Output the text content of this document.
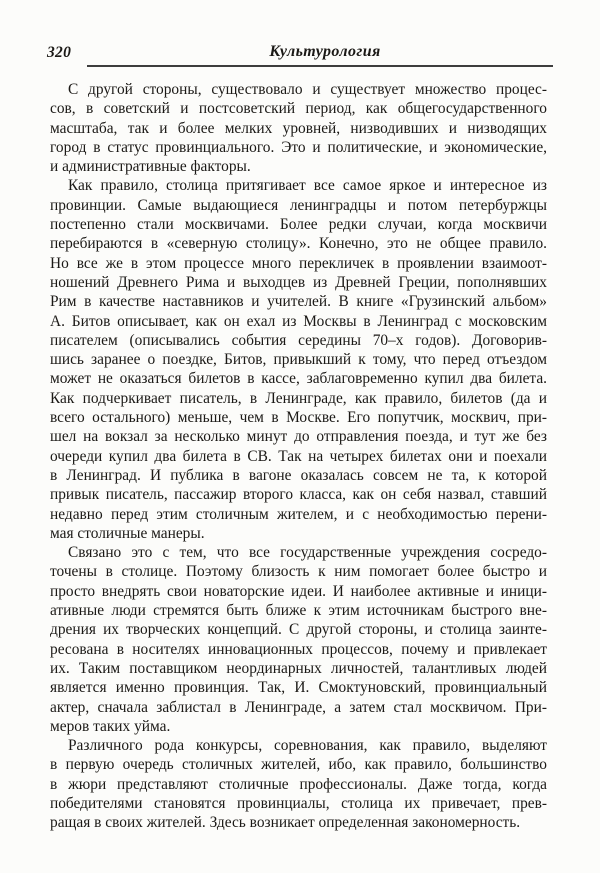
320	Культурология
С другой стороны, существовало и существует множество процес-
сов, в советский и постсоветский период, как общегосударственного
масштаба, так и более мелких уровней, низводивших и низводящих
город в статус провинциального. Это и политические, и экономические,
и административные факторы.
Как правило, столица притягивает все самое яркое и интересное из
провинции. Самые выдающиеся ленинградцы и потом петербуржцы
постепенно стали москвичами. Более редки случаи, когда москвичи
перебираются в «северную столицу». Конечно, это не общее правило.
Но все же в этом процессе много перекличек в проявлении взаимоот-
ношений Древнего Рима и выходцев из Древней Греции, пополнявших
Рим в качестве наставников и учителей. В книге «Грузинский альбом»
А. Битов описывает, как он ехал из Москвы в Ленинград с московским
писателем (описывались события середины 70–х годов). Договорив-
шись заранее о поездке, Битов, привыкший к тому, что перед отъездом
может не оказаться билетов в кассе, заблаговременно купил два билета.
Как подчеркивает писатель, в Ленинграде, как правило, билетов (да и
всего остального) меньше, чем в Москве. Его попутчик, москвич, при-
шел на вокзал за несколько минут до отправления поезда, и тут же без
очереди купил два билета в СВ. Так на четырех билетах они и поехали
в Ленинград. И публика в вагоне оказалась совсем не та, к которой
привык писатель, пассажир второго класса, как он себя назвал, ставший
недавно перед этим столичным жителем, и с необходимостью перени-
мая столичные манеры.
Связано это с тем, что все государственные учреждения сосредо-
точены в столице. Поэтому близость к ним помогает более быстро и
просто внедрять свои новаторские идеи. И наиболее активные и иници-
ативные люди стремятся быть ближе к этим источникам быстрого вне-
дрения их творческих концепций. С другой стороны, и столица заинте-
ресована в носителях инновационных процессов, почему и привлекает
их. Таким поставщиком неординарных личностей, талантливых людей
является именно провинция. Так, И. Смоктуновский, провинциальный
актер, сначала заблистал в Ленинграде, а затем стал москвичом. При-
меров таких уйма.
Различного рода конкурсы, соревнования, как правило, выделяют
в первую очередь столичных жителей, ибо, как правило, большинство
в жюри представляют столичные профессионалы. Даже тогда, когда
победителями становятся провинциалы, столица их привечает, прев-
ращая в своих жителей. Здесь возникает определенная закономерность.
